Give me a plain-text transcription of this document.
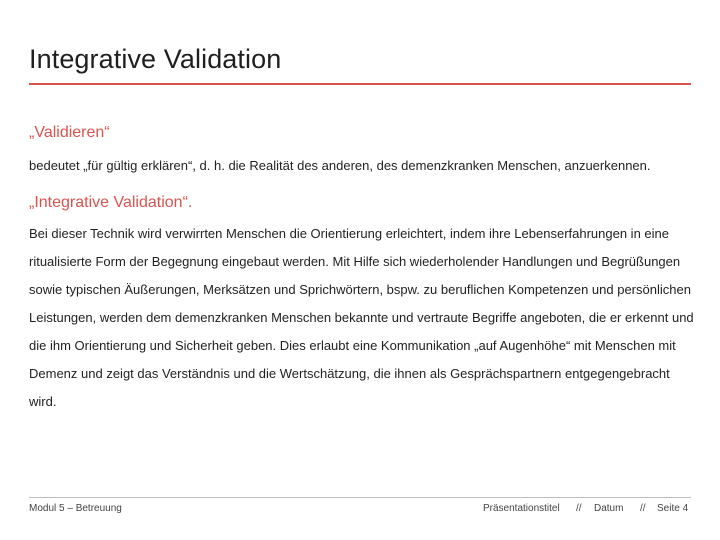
Integrative Validation

„Validieren“

bedeutet „für gültig erklären“, d. h. die Realität des anderen, des demenzkranken Menschen, anzuerkennen.

„Integrative Validation“.

Bei dieser Technik wird verwirrten Menschen die Orientierung erleichtert, indem ihre Lebenserfahrungen in eine ritualisierte Form der Begegnung eingebaut werden. Mit Hilfe sich wiederholender Handlungen und Begrüßungen sowie typischen Äußerungen, Merksätzen und Sprichwörtern, bspw. zu beruflichen Kompetenzen und persönlichen Leistungen, werden dem demenzkranken Menschen bekannte und vertraute Begriffe angeboten, die er erkennt und die ihm Orientierung und Sicherheit geben. Dies erlaubt eine Kommunikation „auf Augenhöhe“ mit Menschen mit Demenz und zeigt das Verständnis und die Wertschätzung, die ihnen als Gesprächspartnern entgegengebracht wird.

Modul 5 – Betreuung	Präsentationstitel // Datum // Seite 4
